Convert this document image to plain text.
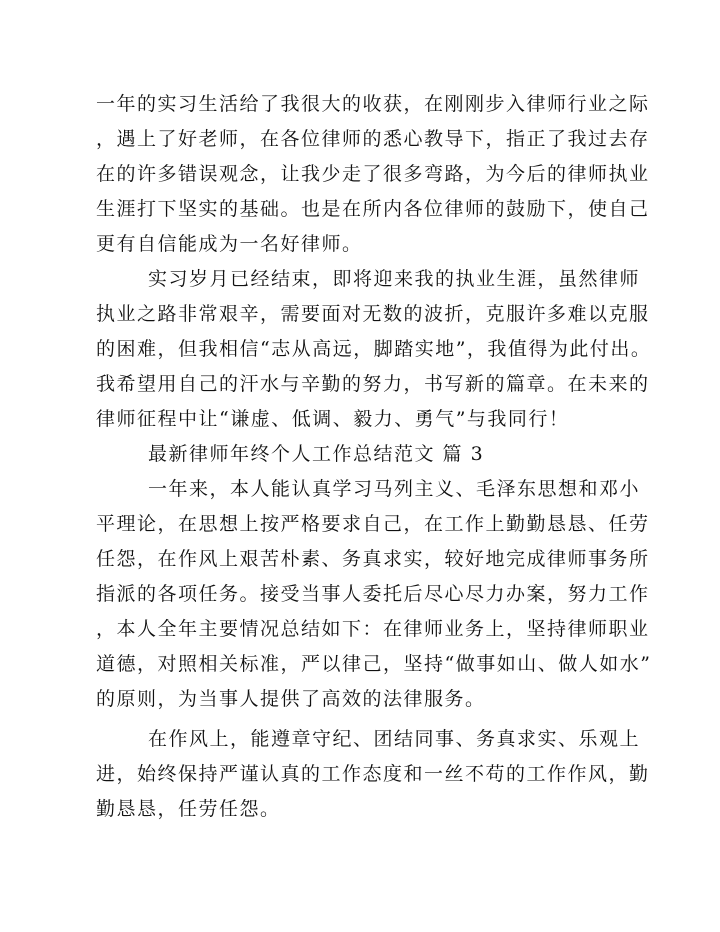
一年的实习生活给了我很大的收获，在刚刚步入律师行业之际
，遇上了好老师，在各位律师的悉心教导下，指正了我过去存
在的许多错误观念，让我少走了很多弯路，为今后的律师执业
生涯打下坚实的基础。也是在所内各位律师的鼓励下，使自己
更有自信能成为一名好律师。
实习岁月已经结束，即将迎来我的执业生涯，虽然律师
执业之路非常艰辛，需要面对无数的波折，克服许多难以克服
的困难，但我相信“志从高远，脚踏实地”，我值得为此付出。
我希望用自己的汗水与辛勤的努力，书写新的篇章。在未来的
律师征程中让“谦虚、低调、毅力、勇气”与我同行！
最新律师年终个人工作总结范文 篇 3
一年来，本人能认真学习马列主义、毛泽东思想和邓小
平理论，在思想上按严格要求自己，在工作上勤勤恳恳、任劳
任怨，在作风上艰苦朴素、务真求实，较好地完成律师事务所
指派的各项任务。接受当事人委托后尽心尽力办案，努力工作
，本人全年主要情况总结如下：在律师业务上，坚持律师职业
道德，对照相关标准，严以律己，坚持“做事如山、做人如水”
的原则，为当事人提供了高效的法律服务。
在作风上，能遵章守纪、团结同事、务真求实、乐观上
进，始终保持严谨认真的工作态度和一丝不苟的工作作风，勤
勤恳恳，任劳任怨。
